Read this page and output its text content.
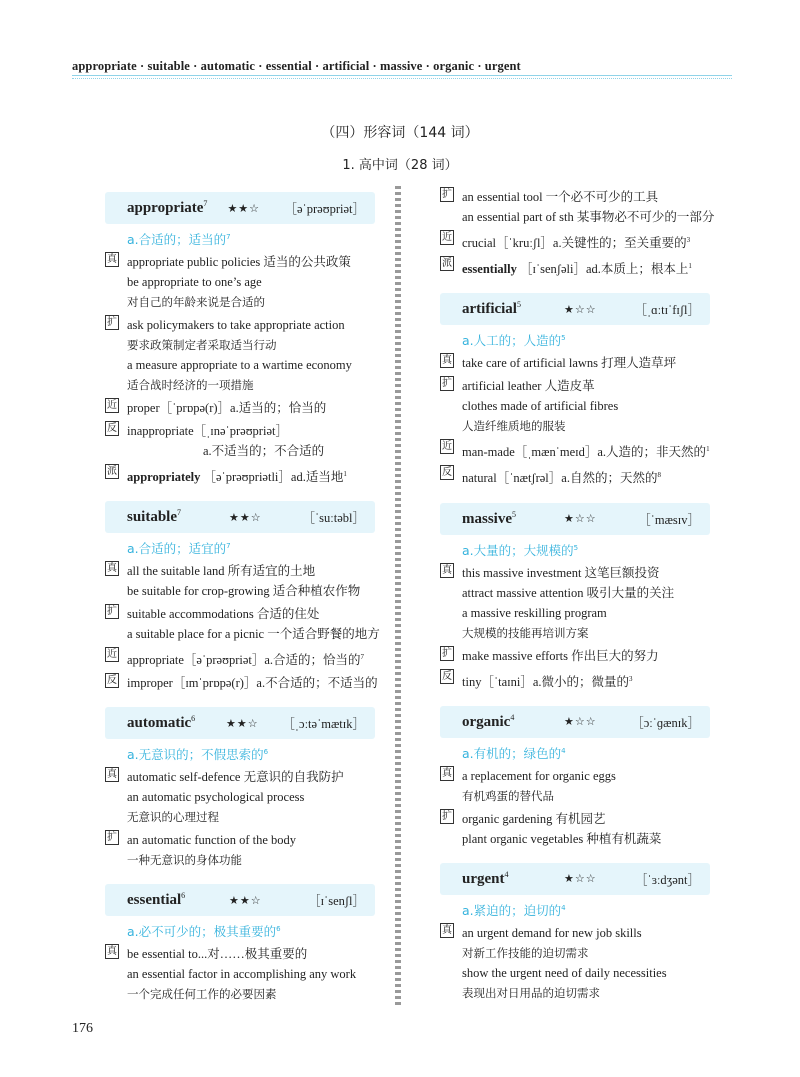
appropriate · suitable · automatic · essential · artificial · massive · organic · urgent
（四）形容词（144 词）
1. 高中词（28 词）
appropriate$^7$	★★☆	［əˈprəʊpriət］
a.合适的；适当的$^7$
真 appropriate public policies 适当的公共政策
be appropriate to one’s age
对自己的年龄来说是合适的
扩 ask policymakers to take appropriate action
要求政策制定者采取适当行动
a measure appropriate to a wartime economy
适合战时经济的一项措施
近 proper［ˈprɒpə(r)］a.适当的；恰当的
反 inappropriate［ˌɪnəˈprəʊpriət］
a.不适当的；不合适的
派 appropriately ［əˈprəʊpriətli］ad.适当地$^1$
suitable$^7$	★★☆	［ˈsuːtəbl］
a.合适的；适宜的$^7$
真 all the suitable land 所有适宜的土地
be suitable for crop-growing 适合种植农作物
扩 suitable accommodations 合适的住处
a suitable place for a picnic 一个适合野餐的地方
近 appropriate［əˈprəʊpriət］a.合适的；恰当的$^7$
反 improper［ɪmˈprɒpə(r)］a.不合适的；不适当的
automatic$^6$	★★☆	［ˌɔːtəˈmætɪk］
a.无意识的；不假思索的$^6$
真 automatic self-defence 无意识的自我防护
an automatic psychological process
无意识的心理过程
扩 an automatic function of the body
一种无意识的身体功能
essential$^6$	★★☆	［ɪˈsenʃl］
a.必不可少的；极其重要的$^6$
真 be essential to...对……极其重要的
an essential factor in accomplishing any work
一个完成任何工作的必要因素
扩 an essential tool 一个必不可少的工具
an essential part of sth 某事物必不可少的一部分
近 crucial［ˈkruːʃl］a.关键性的；至关重要的$^3$
派 essentially ［ɪˈsenʃəli］ad.本质上；根本上$^1$
artificial$^5$	★☆☆	［ˌɑːtɪˈfɪʃl］
a.人工的；人造的$^5$
真 take care of artificial lawns 打理人造草坪
扩 artificial leather 人造皮革
clothes made of artificial fibres
人造纤维质地的服装
近 man-made［ˌmænˈmeɪd］a.人造的；非天然的$^1$
反 natural［ˈnætʃrəl］a.自然的；天然的$^8$
massive$^5$	★☆☆	［ˈmæsɪv］
a.大量的；大规模的$^5$
真 this massive investment 这笔巨额投资
attract massive attention 吸引大量的关注
a massive reskilling program
大规模的技能再培训方案
扩 make massive efforts 作出巨大的努力
反 tiny［ˈtaɪni］a.微小的；微量的$^3$
organic$^4$	★☆☆	［ɔːˈɡænɪk］
a.有机的；绿色的$^4$
真 a replacement for organic eggs
有机鸡蛋的替代品
扩 organic gardening 有机园艺
plant organic vegetables 种植有机蔬菜
urgent$^4$	★☆☆	［ˈɜːdʒənt］
a.紧迫的；迫切的$^4$
真 an urgent demand for new job skills
对新工作技能的迫切需求
show the urgent need of daily necessities
表现出对日用品的迫切需求
176
